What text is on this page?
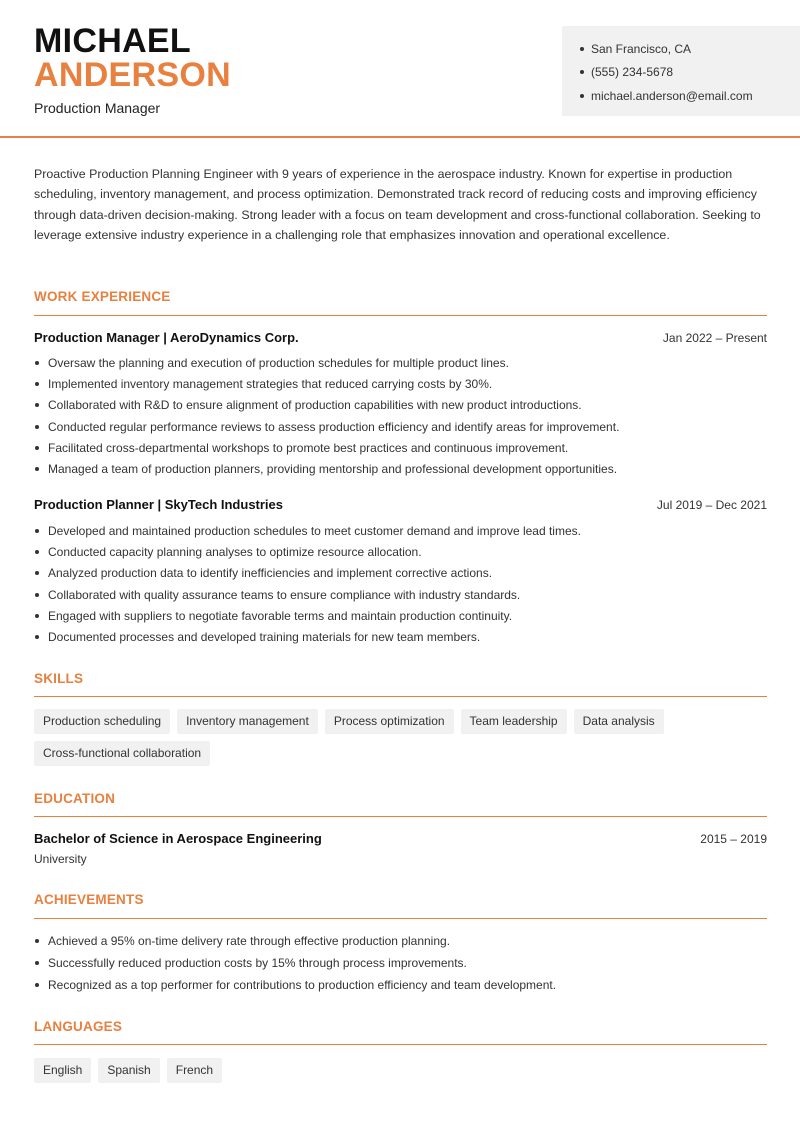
MICHAEL
ANDERSON
Production Manager
San Francisco, CA
(555) 234-5678
michael.anderson@email.com

Proactive Production Planning Engineer with 9 years of experience in the aerospace industry. Known for expertise in production scheduling, inventory management, and process optimization. Demonstrated track record of reducing costs and improving efficiency through data-driven decision-making. Strong leader with a focus on team development and cross-functional collaboration. Seeking to leverage extensive industry experience in a challenging role that emphasizes innovation and operational excellence.

WORK EXPERIENCE
Production Manager | AeroDynamics Corp.	Jan 2022 – Present
Oversaw the planning and execution of production schedules for multiple product lines.
Implemented inventory management strategies that reduced carrying costs by 30%.
Collaborated with R&D to ensure alignment of production capabilities with new product introductions.
Conducted regular performance reviews to assess production efficiency and identify areas for improvement.
Facilitated cross-departmental workshops to promote best practices and continuous improvement.
Managed a team of production planners, providing mentorship and professional development opportunities.
Production Planner | SkyTech Industries	Jul 2019 – Dec 2021
Developed and maintained production schedules to meet customer demand and improve lead times.
Conducted capacity planning analyses to optimize resource allocation.
Analyzed production data to identify inefficiencies and implement corrective actions.
Collaborated with quality assurance teams to ensure compliance with industry standards.
Engaged with suppliers to negotiate favorable terms and maintain production continuity.
Documented processes and developed training materials for new team members.
SKILLS
Production scheduling	Inventory management	Process optimization	Team leadership	Data analysis
Cross-functional collaboration
EDUCATION
Bachelor of Science in Aerospace Engineering	2015 – 2019
University
ACHIEVEMENTS
Achieved a 95% on-time delivery rate through effective production planning.
Successfully reduced production costs by 15% through process improvements.
Recognized as a top performer for contributions to production efficiency and team development.
LANGUAGES
English	Spanish	French
